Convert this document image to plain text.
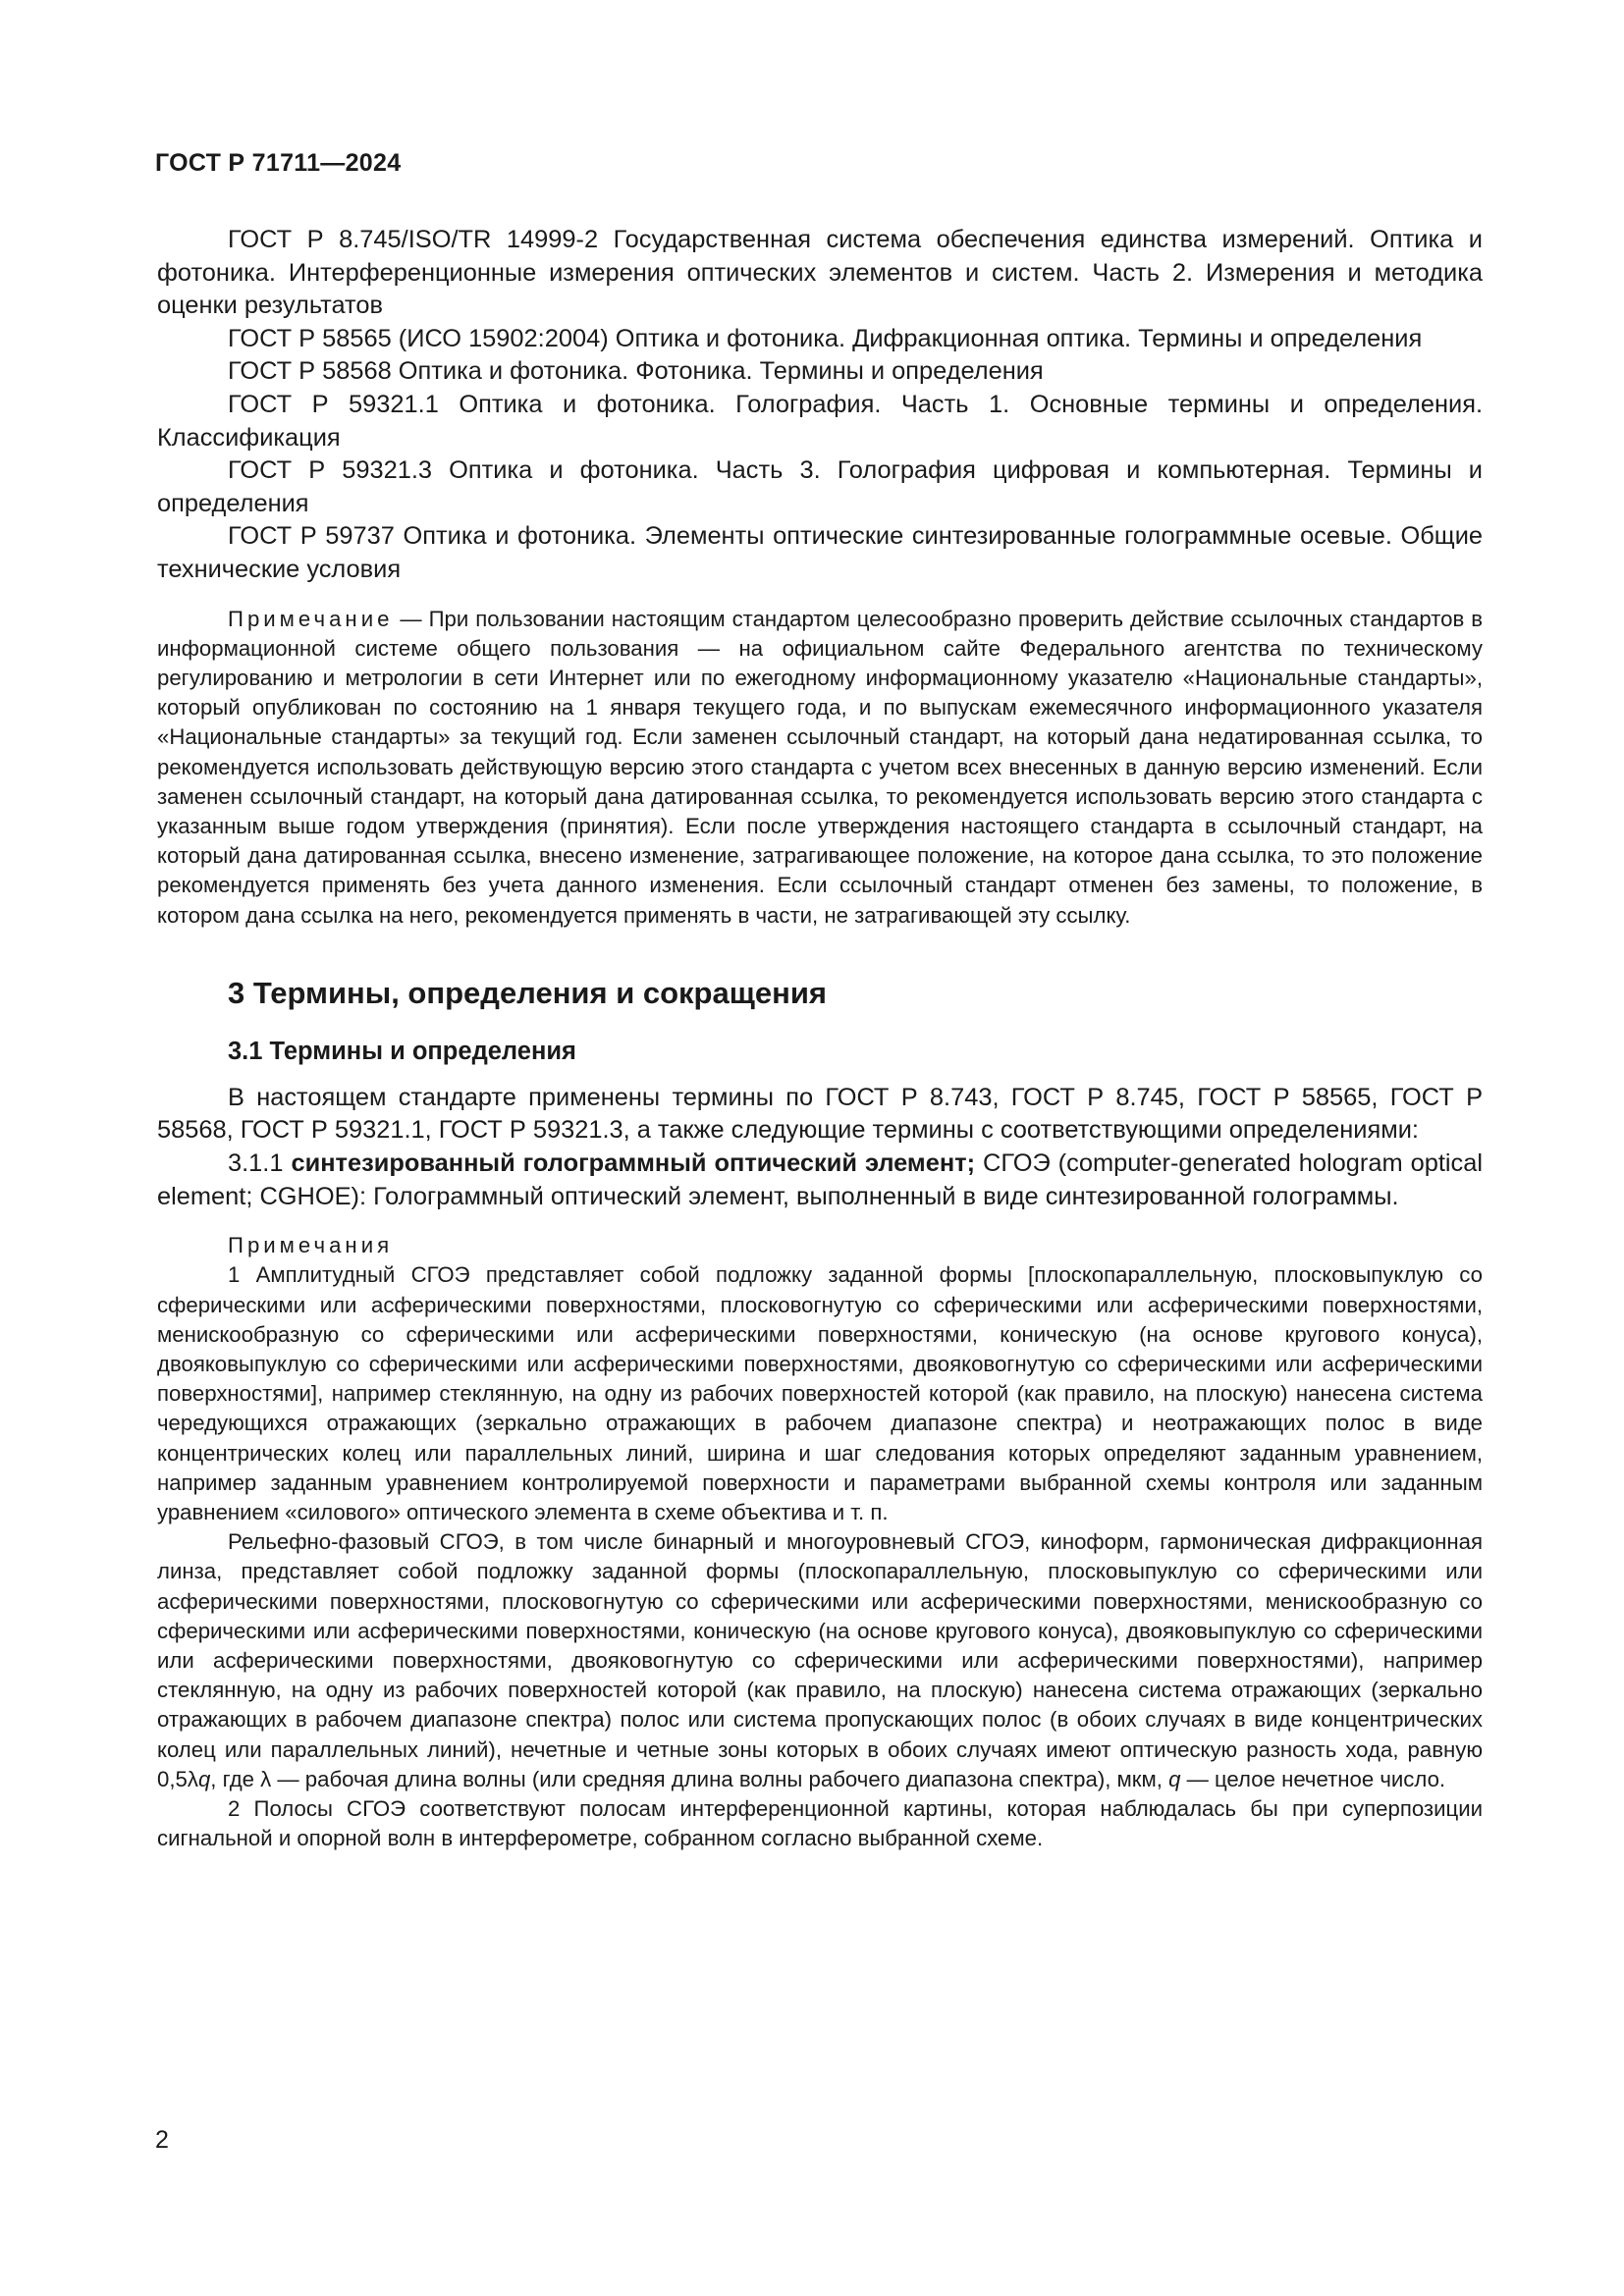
ГОСТ Р 71711—2024

ГОСТ Р 8.745/ISO/TR 14999-2 Государственная система обеспечения единства измерений. Оптика и фотоника. Интерференционные измерения оптических элементов и систем. Часть 2. Измерения и методика оценки результатов

ГОСТ Р 58565 (ИСО 15902:2004) Оптика и фотоника. Дифракционная оптика. Термины и определения

ГОСТ Р 58568 Оптика и фотоника. Фотоника. Термины и определения

ГОСТ Р 59321.1 Оптика и фотоника. Голография. Часть 1. Основные термины и определения. Классификация

ГОСТ Р 59321.3 Оптика и фотоника. Часть 3. Голография цифровая и компьютерная. Термины и определения

ГОСТ Р 59737 Оптика и фотоника. Элементы оптические синтезированные голограммные осевые. Общие технические условия

Примечание — При пользовании настоящим стандартом целесообразно проверить действие ссылочных стандартов в информационной системе общего пользования — на официальном сайте Федерального агентства по техническому регулированию и метрологии в сети Интернет или по ежегодному информационному указателю «Национальные стандарты», который опубликован по состоянию на 1 января текущего года, и по выпускам ежемесячного информационного указателя «Национальные стандарты» за текущий год. Если заменен ссылочный стандарт, на который дана недатированная ссылка, то рекомендуется использовать действующую версию этого стандарта с учетом всех внесенных в данную версию изменений. Если заменен ссылочный стандарт, на который дана датированная ссылка, то рекомендуется использовать версию этого стандарта с указанным выше годом утверждения (принятия). Если после утверждения настоящего стандарта в ссылочный стандарт, на который дана датированная ссылка, внесено изменение, затрагивающее положение, на которое дана ссылка, то это положение рекомендуется применять без учета данного изменения. Если ссылочный стандарт отменен без замены, то положение, в котором дана ссылка на него, рекомендуется применять в части, не затрагивающей эту ссылку.

3 Термины, определения и сокращения
3.1 Термины и определения

В настоящем стандарте применены термины по ГОСТ Р 8.743, ГОСТ Р 8.745, ГОСТ Р 58565, ГОСТ Р 58568, ГОСТ Р 59321.1, ГОСТ Р 59321.3, а также следующие термины с соответствующими определениями:

3.1.1 синтезированный голограммный оптический элемент; СГОЭ (computer-generated hologram optical element; CGHOE): Голограммный оптический элемент, выполненный в виде синтезированной голограммы.

Примечания

1 Амплитудный СГОЭ представляет собой подложку заданной формы [плоскопараллельную, плосковыпуклую со сферическими или асферическими поверхностями, плосковогнутую со сферическими или асферическими поверхностями, менискообразную со сферическими или асферическими поверхностями, коническую (на основе кругового конуса), двояковыпуклую со сферическими или асферическими поверхностями, двояковогнутую со сферическими или асферическими поверхностями], например стеклянную, на одну из рабочих поверхностей которой (как правило, на плоскую) нанесена система чередующихся отражающих (зеркально отражающих в рабочем диапазоне спектра) и неотражающих полос в виде концентрических колец или параллельных линий, ширина и шаг следования которых определяют заданным уравнением, например заданным уравнением контролируемой поверхности и параметрами выбранной схемы контроля или заданным уравнением «силового» оптического элемента в схеме объектива и т. п.

Рельефно-фазовый СГОЭ, в том числе бинарный и многоуровневый СГОЭ, киноформ, гармоническая дифракционная линза, представляет собой подложку заданной формы (плоскопараллельную, плосковыпуклую со сферическими или асферическими поверхностями, плосковогнутую со сферическими или асферическими поверхностями, менискообразную со сферическими или асферическими поверхностями, коническую (на основе кругового конуса), двояковыпуклую со сферическими или асферическими поверхностями, двояковогнутую со сферическими или асферическими поверхностями), например стеклянную, на одну из рабочих поверхностей которой (как правило, на плоскую) нанесена система отражающих (зеркально отражающих в рабочем диапазоне спектра) полос или система пропускающих полос (в обоих случаях в виде концентрических колец или параллельных линий), нечетные и четные зоны которых в обоих случаях имеют оптическую разность хода, равную 0,5λq, где λ — рабочая длина волны (или средняя длина волны рабочего диапазона спектра), мкм, q — целое нечетное число.

2 Полосы СГОЭ соответствуют полосам интерференционной картины, которая наблюдалась бы при суперпозиции сигнальной и опорной волн в интерферометре, собранном согласно выбранной схеме.

2
